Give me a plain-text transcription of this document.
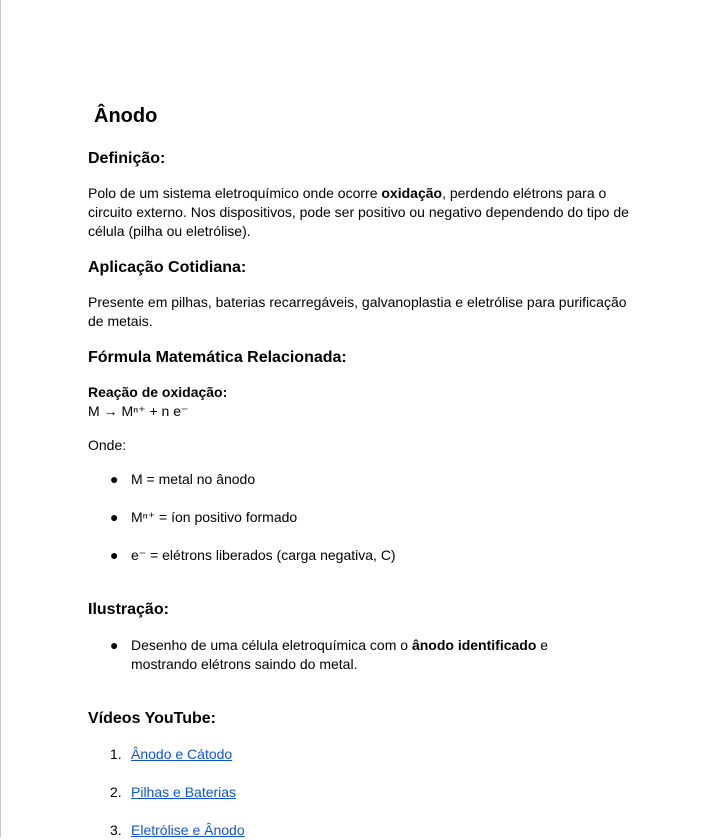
Ânodo
Definição:

Polo de um sistema eletroquímico onde ocorre oxidação, perdendo elétrons para o circuito externo. Nos dispositivos, pode ser positivo ou negativo dependendo do tipo de célula (pilha ou eletrólise).

Aplicação Cotidiana:

Presente em pilhas, baterias recarregáveis, galvanoplastia e eletrólise para purificação de metais.

Fórmula Matemática Relacionada:

Reação de oxidação:

M → Mⁿ⁺ + n e⁻

Onde:

● M = metal no ânodo
● Mⁿ⁺ = íon positivo formado
● e⁻ = elétrons liberados (carga negativa, C)
Ilustração:
● Desenho de uma célula eletroquímica com o ânodo identificado e mostrando elétrons saindo do metal.
Vídeos YouTube:
1. Ânodo e Cátodo
2. Pilhas e Baterias
3. Eletrólise e Ânodo
